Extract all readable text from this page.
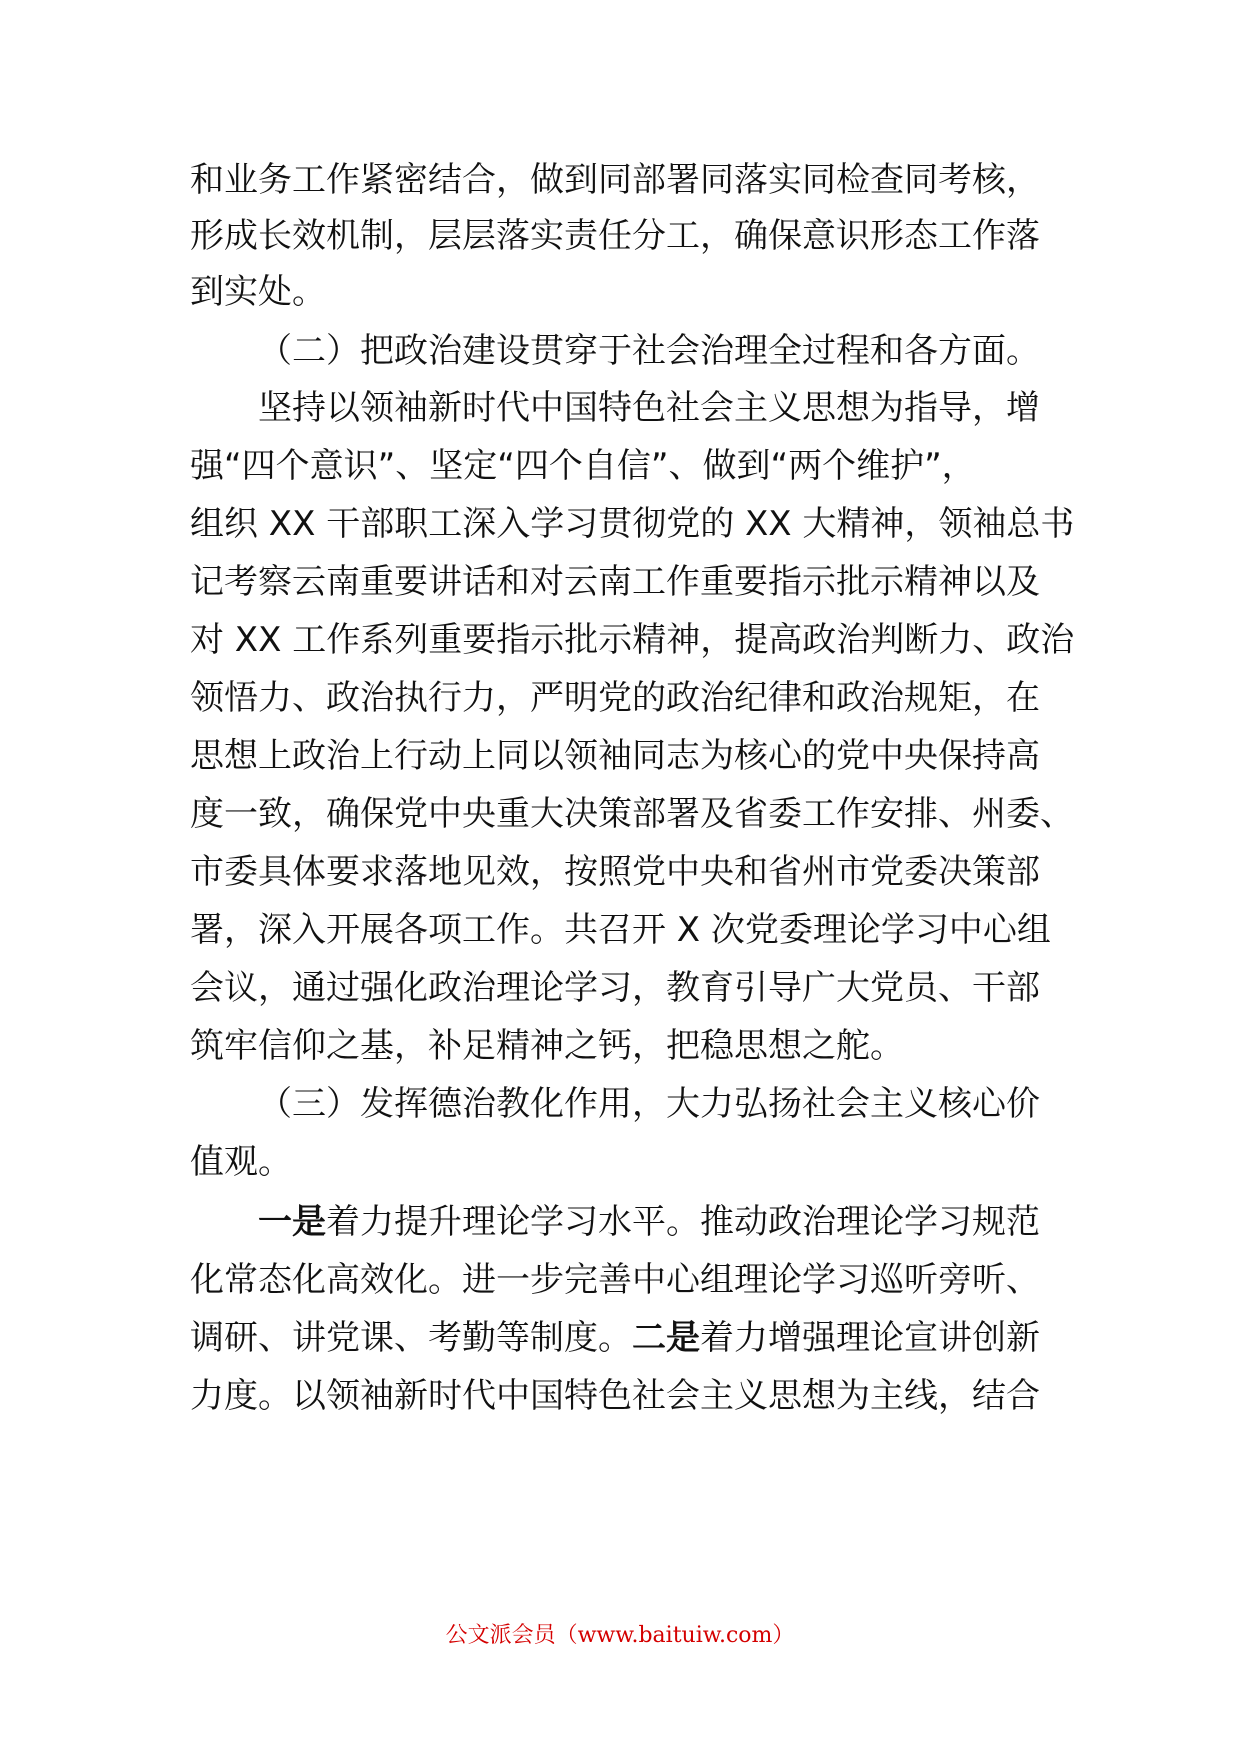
和业务工作紧密结合，做到同部署同落实同检查同考核，
形成长效机制，层层落实责任分工，确保意识形态工作落
到实处。
（二）把政治建设贯穿于社会治理全过程和各方面。
坚持以领袖新时代中国特色社会主义思想为指导，增
强“四个意识”、坚定“四个自信”、做到“两个维护”，
组织 XX 干部职工深入学习贯彻党的 XX 大精神，领袖总书
记考察云南重要讲话和对云南工作重要指示批示精神以及
对 XX 工作系列重要指示批示精神，提高政治判断力、政治
领悟力、政治执行力，严明党的政治纪律和政治规矩，在
思想上政治上行动上同以领袖同志为核心的党中央保持高
度一致，确保党中央重大决策部署及省委工作安排、州委、
市委具体要求落地见效，按照党中央和省州市党委决策部
署，深入开展各项工作。共召开 X 次党委理论学习中心组
会议，通过强化政治理论学习，教育引导广大党员、干部
筑牢信仰之基，补足精神之钙，把稳思想之舵。
（三）发挥德治教化作用，大力弘扬社会主义核心价
值观。
一是着力提升理论学习水平。推动政治理论学习规范
化常态化高效化。进一步完善中心组理论学习巡听旁听、
调研、讲党课、考勤等制度。二是着力增强理论宣讲创新
力度。以领袖新时代中国特色社会主义思想为主线，结合
公文派会员（www.baituiw.com）
